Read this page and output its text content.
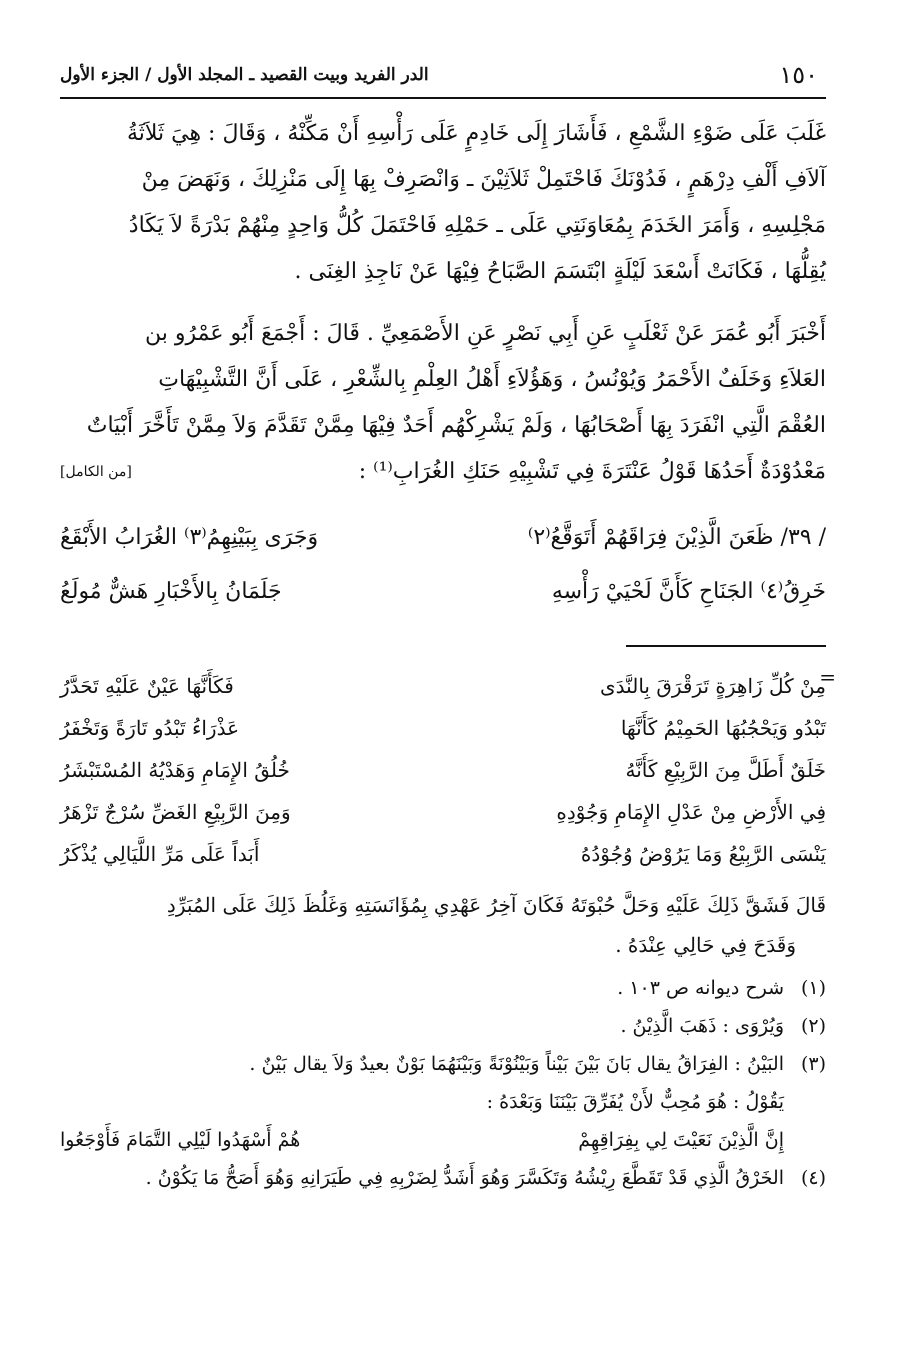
١٥٠
الدر الفريد وبيت القصيد ـ المجلد الأول / الجزء الأول

غَلَبَ عَلَى ضَوْءِ الشَّمْعِ ، فَأَشَارَ إِلَى خَادِمٍ عَلَى رَأْسِهِ أَنْ مَكِّنْهُ ، وَقَالَ : هِيَ ثَلاَثَةُ

آلاَفِ أَلْفِ دِرْهَمٍ ، فَدُوْنَكَ فَاحْتَمِلْ ثَلاَثِيْنَ ـ وَانْصَرِفْ بِهَا إِلَى مَنْزِلِكَ ، وَنَهَضَ مِنْ

مَجْلِسِهِ ، وَأَمَرَ الخَدَمَ بِمُعَاوَنَتِي عَلَى ـ حَمْلِهِ فَاحْتَمَلَ كُلُّ وَاحِدٍ مِنْهُمْ بَدْرَةً لاَ يَكَادُ

يُقِلُّهَا ، فَكَانَتْ أَسْعَدَ لَيْلَةٍ ابْتَسَمَ الصَّبَاحُ فِيْهَا عَنْ نَاجِذِ الغِنَى .

أَخْبَرَ أَبُو عُمَرَ عَنْ ثَعْلَبٍ عَنِ أَبِي نَصْرٍ عَنِ الأَصْمَعِيِّ . قَالَ : أَجْمَعَ أَبُو عَمْرُو بن

العَلاَءِ وَخَلَفٌ الأَحْمَرُ وَيُوْنُسُ ، وَهَؤُلاَءِ أَهْلُ العِلْمِ بِالشِّعْرِ ، عَلَى أَنَّ التَّشْبِيْهَاتِ

العُقْمَ الَّتِي انْفَرَدَ بِهَا أَصْحَابُهَا ، وَلَمْ يَشْرِكْهُم أَحَدٌ فِيْهَا مِمَّنْ تَقَدَّمَ وَلاَ مِمَّنْ تَأَخَّرَ أَبْيَاتٌ

مَعْدُوْدَةٌ أَحَدُهَا قَوْلُ عَنْتَرَةَ فِي تَشْبِيْهِ حَنَكِ الغُرَابِ⁽¹⁾ :
[من الكامل]
/ ٣٩/ ظَعَنَ الَّذِيْنَ فِرَاقَهُمْ أَتَوَقَّعُ⁽٢⁾
وَجَرَى بِبَيْنِهِمُ⁽٣⁾ الغُرَابُ الأَبْقَعُ
خَرِقُ⁽٤⁾ الجَنَاحِ كَأَنَّ لَحْيَيْ رَأْسِهِ
جَلَمَانُ بِالأَخْبَارِ هَشٌّ مُولَعُ
=
مِنْ كُلِّ زَاهِرَةٍ تَرَقْرَقَ بِالنَّدَى
فَكَأَنَّهَا عَيْنٌ عَلَيْهِ تَحَدَّرُ
تَبْدُو وَيَحْجُبُهَا الحَمِيْمُ كَأَنَّهَا
عَذْرَاءُ تَبْدُو تَارَةً وَتَخْفَرُ
خَلَقٌ أَطَلَّ مِنَ الرَّبِيْعِ كَأَنَّهُ
خُلُقُ الإِمَامِ وَهَدْيُهُ المُسْتَبْشَرُ
فِي الأَرْضِ مِنْ عَدْلِ الإِمَامِ وَجُوْدِهِ
وَمِنَ الرَّبِيْعِ الغَضِّ سُرْجٌ تَزْهَرُ
يَنْسَى الرَّبِيْعُ وَمَا يَرُوْضُ وُجُوْدُهُ
أَبَداً عَلَى مَرِّ اللَّيَالِي يُذْكَرُ
قَالَ فَشَقَّ ذَلِكَ عَلَيْهِ وَحَلَّ حُبْوَتَهُ فَكَانَ آخِرُ عَهْدِي بِمُؤَانَسَتِهِ وَغَلُظَ ذَلِكَ عَلَى المُبَرِّدِ
وَقَدَحَ فِي حَالِي عِنْدَهُ .
(١)
شرح ديوانه ص ١٠٣ .
(٢)
وَيُرْوَى : ذَهَبَ الَّذِيْنُ .
(٣)
البَيْنُ : الفِرَاقُ يقال بَانَ بَيْنَ بَيْناً وَبَيْنُوْنَةً وَبَيْنَهُمَا بَوْنٌ بعيدٌ وَلاَ يقال بَيْنٌ .
يَقُوْلُ : هُوَ مُحِبٌّ لأَنْ يُفَرِّقَ بَيْنَنَا وَبَعْدَهُ :
إِنَّ الَّذِيْنَ نَعَيْتَ لِي بِفِرَاقِهِمْ
هُمْ أَسْهَدُوا لَيْلِي التَّمَامَ فَأَوْجَعُوا
(٤)
الخَرْقُ الَّذِي قَدْ تَقَطَّعَ رِيْشُهُ وَتَكَسَّرَ وَهُوَ أَشَدُّ لِضَرْبِهِ فِي طَيَرَانِهِ وَهُوَ أَصَحُّ مَا يَكُوْنُ .
